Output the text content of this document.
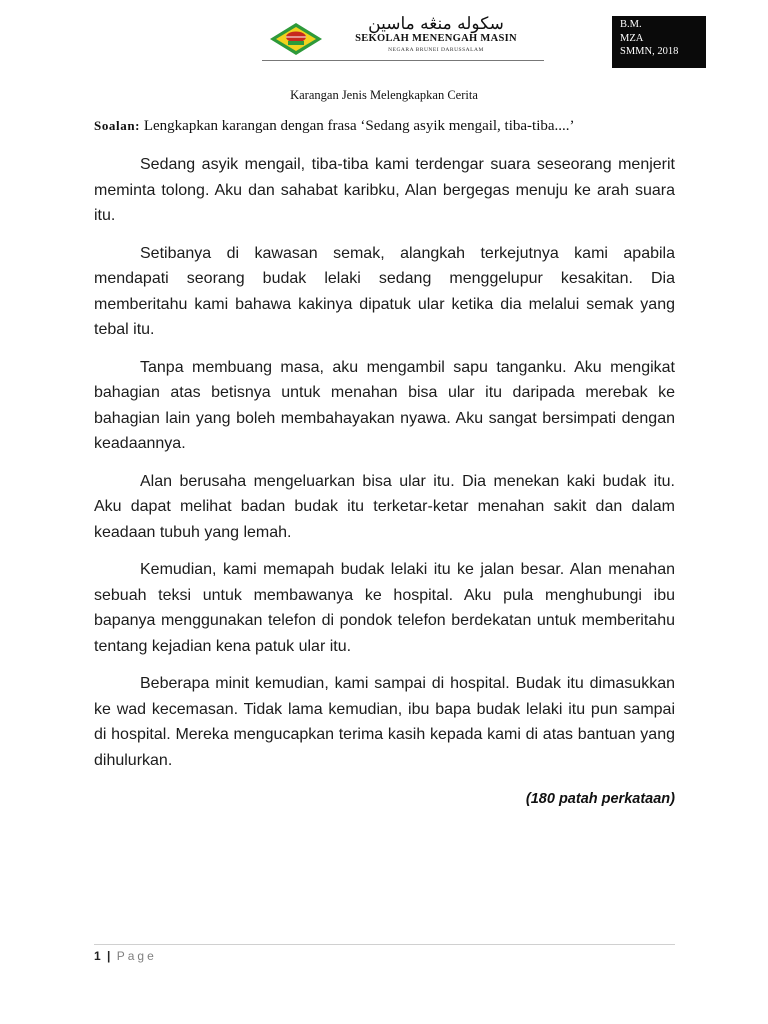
سکوله منڠه ماسين
SEKOLAH MENENGAH MASIN
NEGARA BRUNEI DARUSSALAM
B.M.
MZA
SMMN, 2018
Karangan Jenis Melengkapkan Cerita
Soalan: Lengkapkan karangan dengan frasa ‘Sedang asyik mengail, tiba-tiba....’

Sedang asyik mengail, tiba-tiba kami terdengar suara seseorang menjerit meminta tolong. Aku dan sahabat karibku, Alan bergegas menuju ke arah suara itu.

Setibanya di kawasan semak, alangkah terkejutnya kami apabila mendapati seorang budak lelaki sedang menggelupur kesakitan. Dia memberitahu kami bahawa kakinya dipatuk ular ketika dia melalui semak yang tebal itu.

Tanpa membuang masa, aku mengambil sapu tanganku. Aku mengikat bahagian atas betisnya untuk menahan bisa ular itu daripada merebak ke bahagian lain yang boleh membahayakan nyawa. Aku sangat bersimpati dengan keadaannya.

Alan berusaha mengeluarkan bisa ular itu. Dia menekan kaki budak itu. Aku dapat melihat badan budak itu terketar-ketar menahan sakit dan dalam keadaan tubuh yang lemah.

Kemudian, kami memapah budak lelaki itu ke jalan besar. Alan menahan sebuah teksi untuk membawanya ke hospital. Aku pula menghubungi ibu bapanya menggunakan telefon di pondok telefon berdekatan untuk memberitahu tentang kejadian kena patuk ular itu.

Beberapa minit kemudian, kami sampai di hospital. Budak itu dimasukkan ke wad kecemasan. Tidak lama kemudian, ibu bapa budak lelaki itu pun sampai di hospital. Mereka mengucapkan terima kasih kepada kami di atas bantuan yang dihulurkan.

(180 patah perkataan)
1 | Page
